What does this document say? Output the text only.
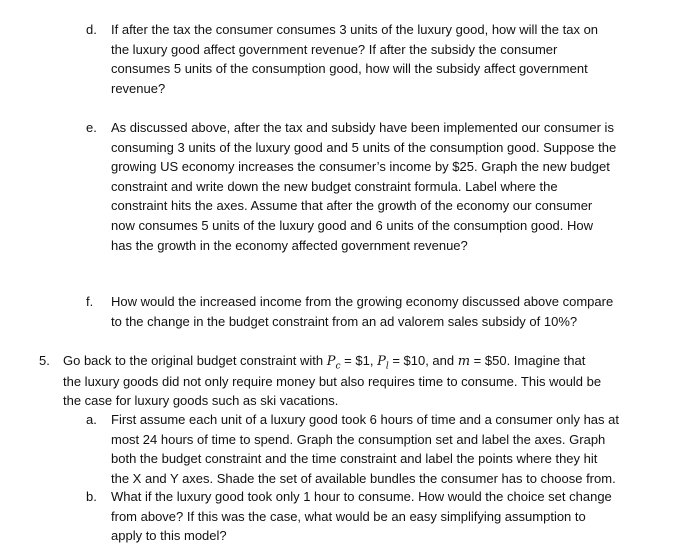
d. If after the tax the consumer consumes 3 units of the luxury good, how will the tax on
the luxury good affect government revenue? If after the subsidy the consumer
consumes 5 units of the consumption good, how will the subsidy affect government
revenue?
e. As discussed above, after the tax and subsidy have been implemented our consumer is
consuming 3 units of the luxury good and 5 units of the consumption good. Suppose the
growing US economy increases the consumer’s income by $25. Graph the new budget
constraint and write down the new budget constraint formula. Label where the
constraint hits the axes. Assume that after the growth of the economy our consumer
now consumes 5 units of the luxury good and 6 units of the consumption good. How
has the growth in the economy affected government revenue?
f. How would the increased income from the growing economy discussed above compare
to the change in the budget constraint from an ad valorem sales subsidy of 10%?
5. Go back to the original budget constraint with $P_c$ = $1, $P_l$ = $10, and m = $50. Imagine that
the luxury goods did not only require money but also requires time to consume. This would be
the case for luxury goods such as ski vacations.
a. First assume each unit of a luxury good took 6 hours of time and a consumer only has at
most 24 hours of time to spend. Graph the consumption set and label the axes. Graph
both the budget constraint and the time constraint and label the points where they hit
the X and Y axes. Shade the set of available bundles the consumer has to choose from.
b. What if the luxury good took only 1 hour to consume. How would the choice set change
from above? If this was the case, what would be an easy simplifying assumption to
apply to this model?
